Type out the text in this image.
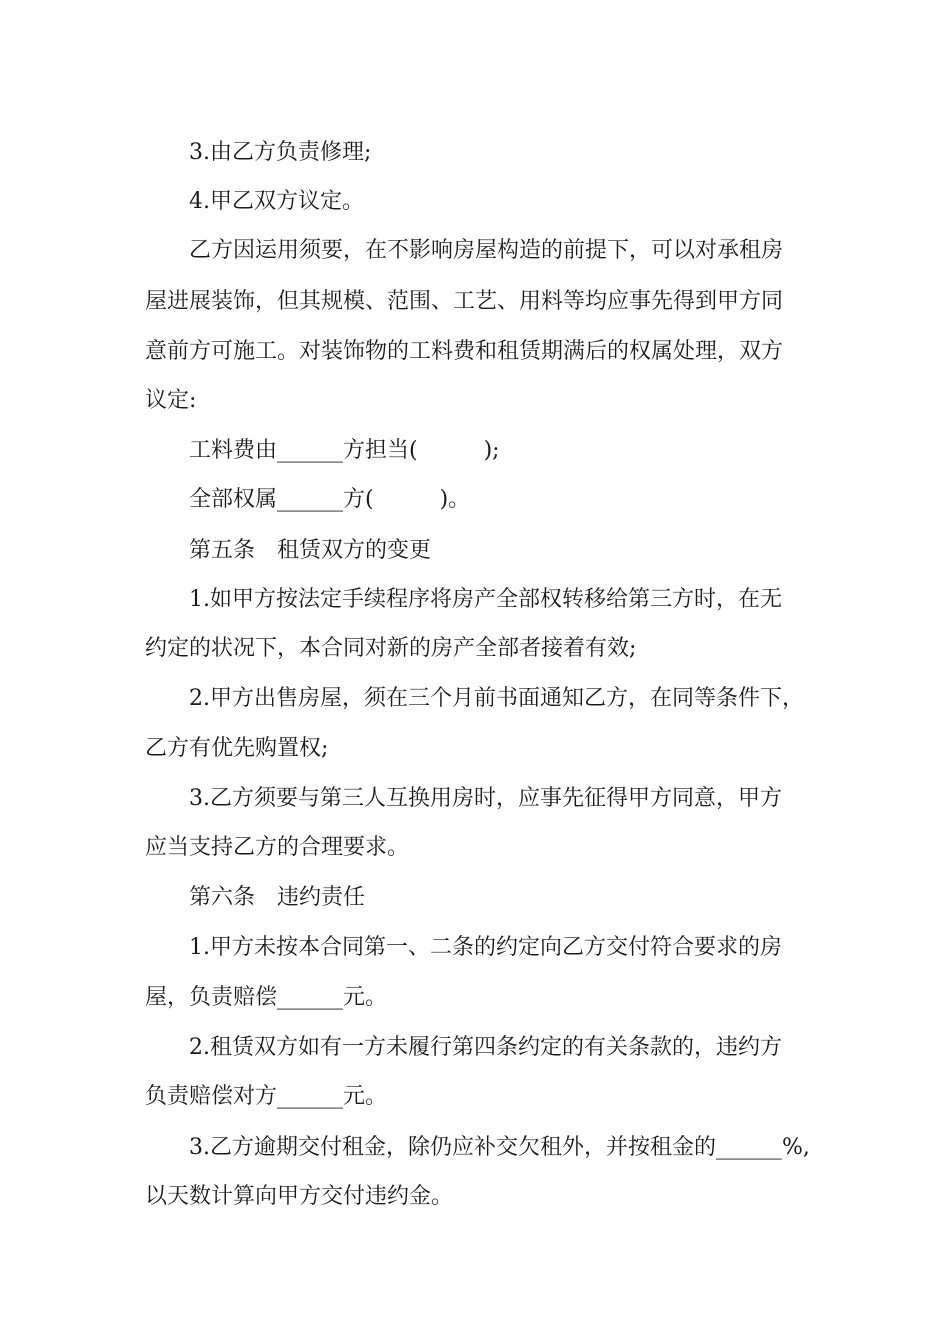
3.由乙方负责修理;
4.甲乙双方议定。
乙方因运用须要，在不影响房屋构造的前提下，可以对承租房
屋进展装饰，但其规模、范围、工艺、用料等均应事先得到甲方同
意前方可施工。对装饰物的工料费和租赁期满后的权属处理，双方
议定:
工料费由______方担当(　　　);
全部权属______方(　　　)。
第五条　租赁双方的变更
1.如甲方按法定手续程序将房产全部权转移给第三方时，在无
约定的状况下，本合同对新的房产全部者接着有效;
2.甲方出售房屋，须在三个月前书面通知乙方，在同等条件下，
乙方有优先购置权;
3.乙方须要与第三人互换用房时，应事先征得甲方同意，甲方
应当支持乙方的合理要求。
第六条　违约责任
1.甲方未按本合同第一、二条的约定向乙方交付符合要求的房
屋，负责赔偿______元。
2.租赁双方如有一方未履行第四条约定的有关条款的，违约方
负责赔偿对方______元。
3.乙方逾期交付租金，除仍应补交欠租外，并按租金的______%,
以天数计算向甲方交付违约金。
